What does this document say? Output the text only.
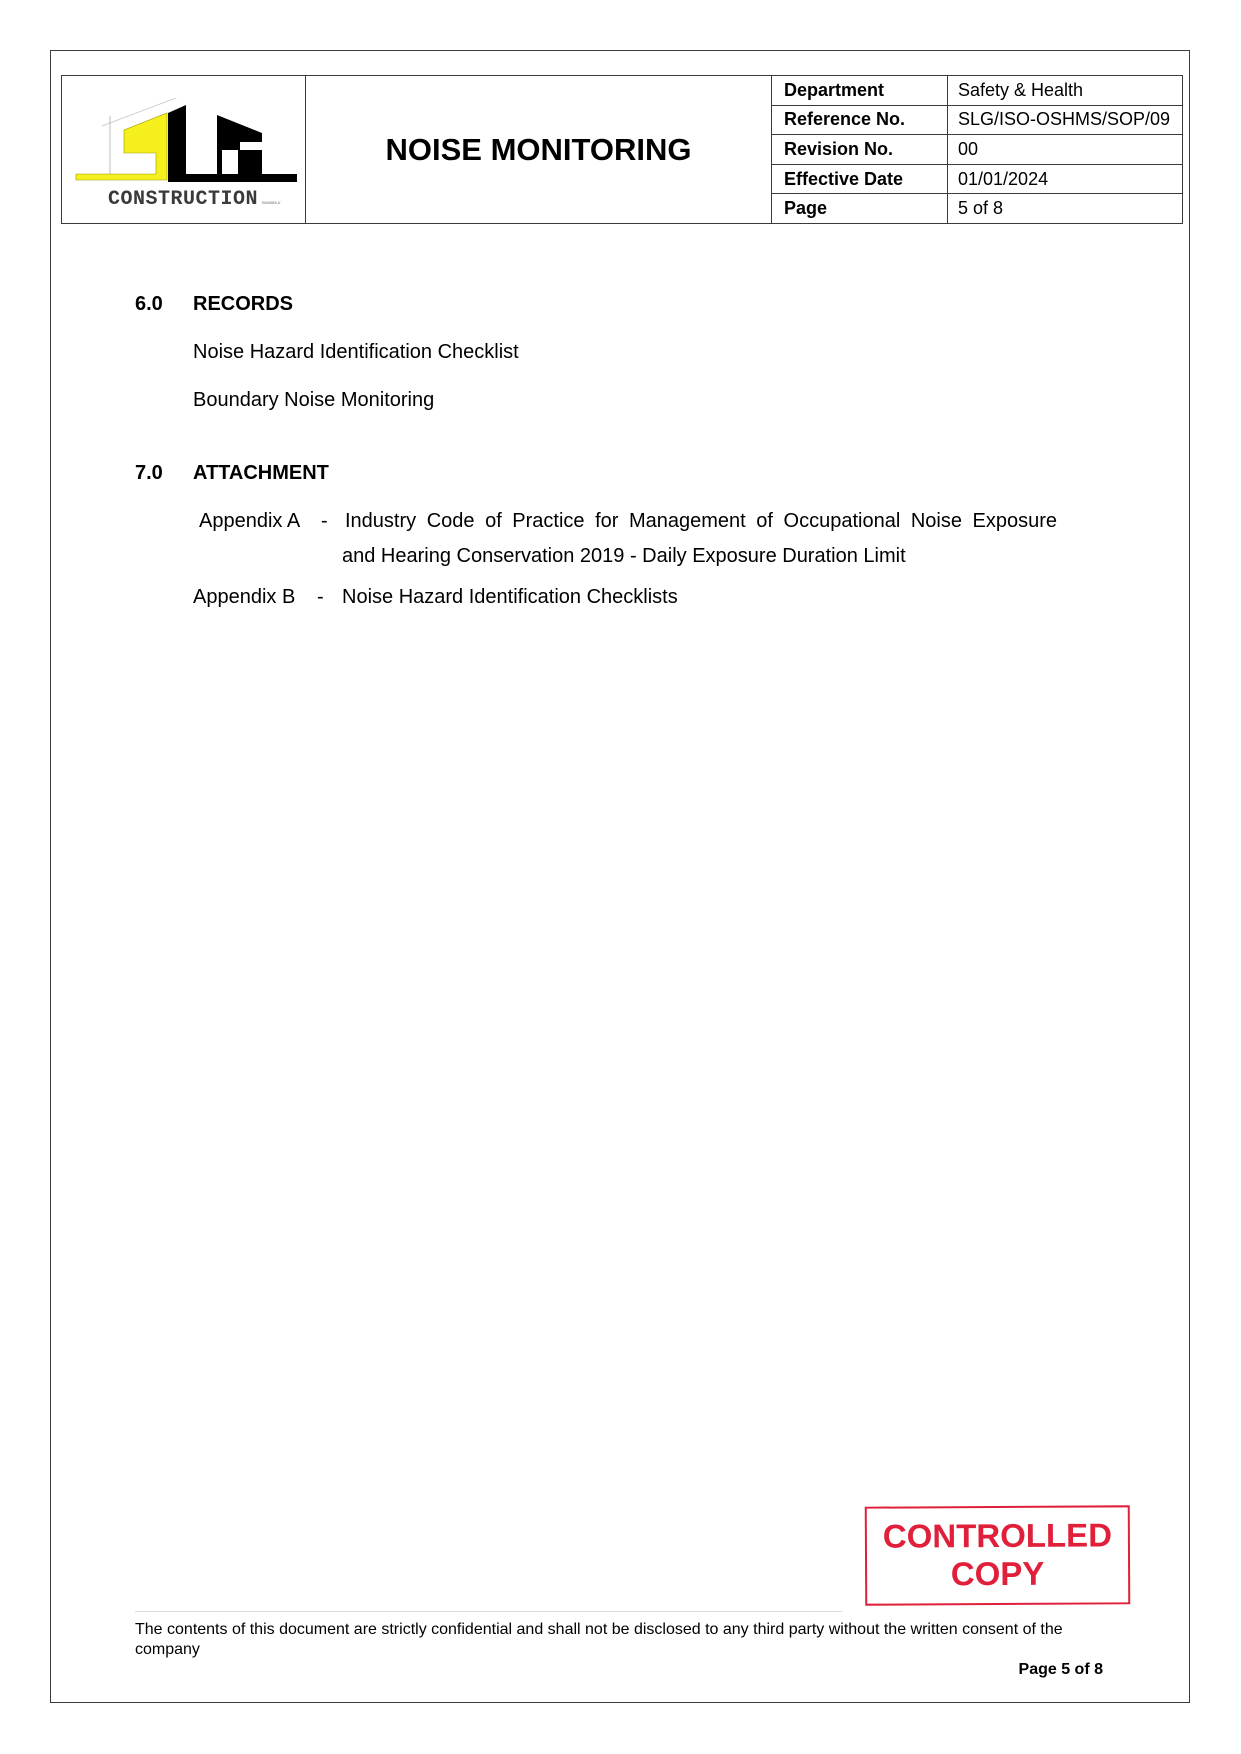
CONSTRUCTION SH4003-V	NOISE MONITORING	Department	Safety & Health
		Reference No.	SLG/ISO-OSHMS/SOP/09
		Revision No.	00
		Effective Date	01/01/2024
		Page	5 of 8
6.0 RECORDS
Noise Hazard Identification Checklist
Boundary Noise Monitoring
7.0 ATTACHMENT
Appendix A - Industry Code of Practice for Management of Occupational Noise Exposure
and Hearing Conservation 2019 - Daily Exposure Duration Limit
Appendix B - Noise Hazard Identification Checklists
CONTROLLED
COPY
The contents of this document are strictly confidential and shall not be disclosed to any third party without the written consent of the company
Page 5 of 8
